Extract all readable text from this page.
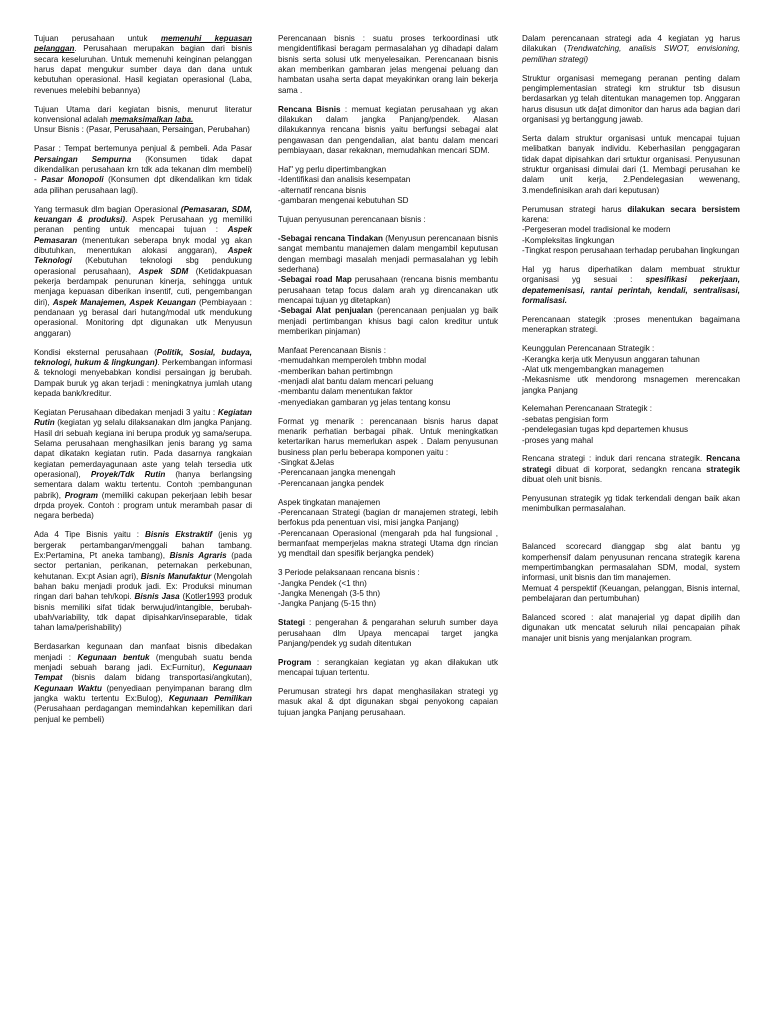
Tujuan perusahaan untuk memenuhi kepuasan pelanggan. Perusahaan merupakan bagian dari bisnis secara keseluruhan. Untuk memenuhi keinginan pelanggan harus dapat mengukur sumber daya dan dana untuk kebutuhan operasional. Hasil kegiatan operasional (Laba, revenues melebihi bebannya)

Tujuan Utama dari kegiatan bisnis, menurut literatur konvensional adalah memaksimalkan laba.
Unsur Bisnis : (Pasar, Perusahaan, Persaingan, Perubahan)

Pasar : Tempat bertemunya penjual & pembeli. Ada Pasar Persaingan Sempurna (Konsumen tidak dapat dikendalikan perusahaan krn tdk ada tekanan dlm membeli) - Pasar Monopoli (Konsumen dpt dikendalikan krn tidak ada pilihan perusahaan lagi).

Yang termasuk dlm bagian Operasional (Pemasaran, SDM, keuangan & produksi). Aspek Perusahaan yg memiliki peranan penting untuk mencapai tujuan : Aspek Pemasaran (menentukan seberapa bnyk modal yg akan dibutuhkan, menentukan alokasi anggaran), Aspek Teknologi (Kebutuhan teknologi sbg pendukung operasional perusahaan), Aspek SDM (Ketidakpuasan pekerja berdampak penurunan kinerja, sehingga untuk menjaga kepuasan diberikan insentif, cuti, pengembangan diri), Aspek Manajemen, Aspek Keuangan (Pembiayaan : pendanaan yg berasal dari hutang/modal utk mendukung operasional. Monitoring dpt digunakan utk Menyusun anggaran)

Kondisi eksternal perusahaan (Politik, Sosial, budaya, teknologi, hukum & lingkungan). Perkembangan informasi & teknologi menyebabkan kondisi persaingan jg berubah. Dampak buruk yg akan terjadi : meningkatnya jumlah utang kepada bank/kreditur.

Kegiatan Perusahaan dibedakan menjadi 3 yaitu : Kegiatan Rutin (kegiatan yg selalu dilaksanakan dlm jangka Panjang. Hasil dri sebuah kegiana ini berupa produk yg sama/serupa. Selama perusahaan menghasilkan jenis barang yg sama dapat dikatakn kegiatan rutin. Pada dasarnya rangkaian kegiatan pemerdayagunaan aste yang telah tersedia utk operasional), Proyek/Tdk Rutin (hanya berlangsing sementara dalam waktu tertentu. Contoh :pembangunan pabrik), Program (memiliki cakupan pekerjaan lebih besar drpda proyek. Contoh : program untuk merambah pasar di negara berbeda)

Ada 4 Tipe Bisnis yaitu : Bisnis Ekstraktif (jenis yg bergerak pertambangan/menggali bahan tambang. Ex:Pertamina, Pt aneka tambang), Bisnis Agraris (pada sector pertanian, perikanan, peternakan perkebunan, kehutanan. Ex:pt Asian agri), Bisnis Manufaktur (Mengolah bahan baku menjadi produk jadi. Ex: Produksi minuman ringan dari bahan teh/kopi. Bisnis Jasa (Kotler1993 produk bisnis memiliki sifat tidak berwujud/intangible, berubah-ubah/variability, tdk dapat dipisahkan/inseparable, tidak tahan lama/perishability)

Berdasarkan kegunaan dan manfaat bisnis dibedakan menjadi : Kegunaan bentuk (mengubah suatu benda menjadi sebuah barang jadi. Ex:Furnitur), Kegunaan Tempat (bisnis dalam bidang transportasi/angkutan), Kegunaan Waktu (penyediaan penyimpanan barang dlm jangka waktu tertentu Ex:Bulog), Kegunaan Pemilikan (Perusahaan perdagangan memindahkan kepemilikan dari penjual ke pembeli)

Perencanaan bisnis : suatu proses terkoordinasi utk mengidentifikasi beragam permasalahan yg dihadapi dalam bisnis serta solusi utk menyelesaikan. Perencanaan bisnis akan memberikan gambaran jelas mengenai peluang dan hambatan usaha serta dapat meyakinkan orang lain bekerja sama .

Rencana Bisnis : memuat kegiatan perusahaan yg akan dilakukan dalam jangka Panjang/pendek. Alasan dilakukannya rencana bisnis yaitu berfungsi sebagai alat pengawasan dan pengendalian, alat bantu dalam mencari pembiayaan, dasar rekaknan, memudahkan mencari SDM.

Hal" yg perlu dipertimbangkan
-Identifikasi dan analisis kesempatan
-alternatif rencana bisnis
-gambaran mengenai kebutuhan SD

Tujuan penyusunan perencanaan bisnis :

-Sebagai rencana Tindakan (Menyusun perencanaan bisnis sangat membantu manajemen dalam mengambil keputusan dengan membagi masalah menjadi permasalahan yg lebih sederhana)
-Sebagai road Map perusahaan (rencana bisnis membantu perusahaan tetap focus dalam arah yg direncanakan utk mencapai tujuan yg ditetapkan)
-Sebagai Alat penjualan (perencanaan penjualan yg baik menjadi pertimbangan khisus bagi calon kreditur untuk memberikan pinjaman)

Manfaat Perencanaan Bisnis :
-memudahkan memperoleh tmbhn modal
-memberikan bahan pertimbngn
-menjadi alat bantu dalam mencari peluang
-membantu dalam menentukan faktor
-menyediakan gambaran yg jelas tentang konsu

Format yg menarik : perencanaan bisnis harus dapat menarik perhatian berbagai pihak. Untuk meningkatkan ketertarikan harus memerlukan aspek . Dalam penyusunan business plan perlu beberapa komponen yaitu :
-Singkat &Jelas
-Perencanaan jangka menengah
-Perencanaan jangka pendek

Aspek tingkatan manajemen
-Perencanaan Strategi (bagian dr manajemen strategi, lebih berfokus pda penentuan visi, misi jangka Panjang)
-Perencanaan Operasional (mengarah pda hal fungsional , bermanfaat memperjelas makna strategi Utama dgn rincian yg mendtail dan spesifik berjangka pendek)

3 Periode pelaksanaan rencana bisnis :
-Jangka Pendek (<1 thn)
-Jangka Menengah (3-5 thn)
-Jangka Panjang (5-15 thn)

Stategi : pengerahan & pengarahan seluruh sumber daya perusahaan dlm Upaya mencapai target jangka Panjang/pendek yg sudah ditentukan

Program : serangkaian kegiatan yg akan dilakukan utk mencapai tujuan tertentu.

Perumusan strategi hrs dapat menghasilakan strategi yg masuk akal & dpt digunakan sbgai penyokong capaian tujuan jangka Panjang perusahaan.

Dalam perencanaan strategi ada 4 kegiatan yg harus dilakukan (Trendwatching, analisis SWOT, envisioning, pemilihan strategi)

Struktur organisasi memegang peranan penting dalam pengimplementasian strategi krn struktur tsb disusun berdasarkan yg telah ditentukan managemen top. Anggaran harus disusun utk da[at dimonitor dan harus ada bagian dari organisasi yg bertanggung jawab.

Serta dalam struktur organisasi untuk mencapai tujuan melibatkan banyak individu. Keberhasilan penggagaran tidak dapat dipisahkan dari srtuktur organisasi. Penyusunan struktur organisasi dimulai dari (1. Membagi perusahan ke dalam unit kerja, 2.Pendelegasian wewenang, 3.mendefinisikan arah dari keputusan)

Perumusan strategi harus dilakukan secara bersistem karena:
-Pergeseran model tradisional ke modern
-Kompleksitas lingkungan
-Tingkat respon perusahaan terhadap perubahan lingkungan

Hal yg harus diperhatikan dalam membuat struktur organisasi yg sesuai : spesifikasi pekerjaan, depatemenisasi, rantai perintah, kendali, sentralisasi, formalisasi.

Perencanaan stategik :proses menentukan bagaimana menerapkan strategi.

Keunggulan Perencanaan Strategik :
-Kerangka kerja utk Menyusun anggaran tahunan
-Alat utk mengembangkan managemen
-Mekasnisme utk mendorong msnagemen merencakan jangka Panjang

Kelemahan Perencanaan Strategik :
-sebatas pengisian form
-pendelegasian tugas kpd departemen khusus
-proses yang mahal

Rencana strategi : induk dari rencana strategik. Rencana strategi dibuat di korporat, sedangkn rencana strategik dibuat oleh unit bisnis.

Penyusunan strategik yg tidak terkendali dengan baik akan menimbulkan permasalahan.

Balanced scorecard dianggap sbg alat bantu yg komperhensif dalam penyusunan rencana strategik karena mempertimbangkan permasalahan SDM, modal, system informasi, unit bisnis dan tim manajemen.
Memuat 4 perspektif (Keuangan, pelanggan, Bisnis internal, pembelajaran dan pertumbuhan)

Balanced scored : alat manajerial yg dapat dipilih dan digunakan utk mencatat seluruh nilai pencapaian pihak manajer unit bisnis yang menjalankan program.
